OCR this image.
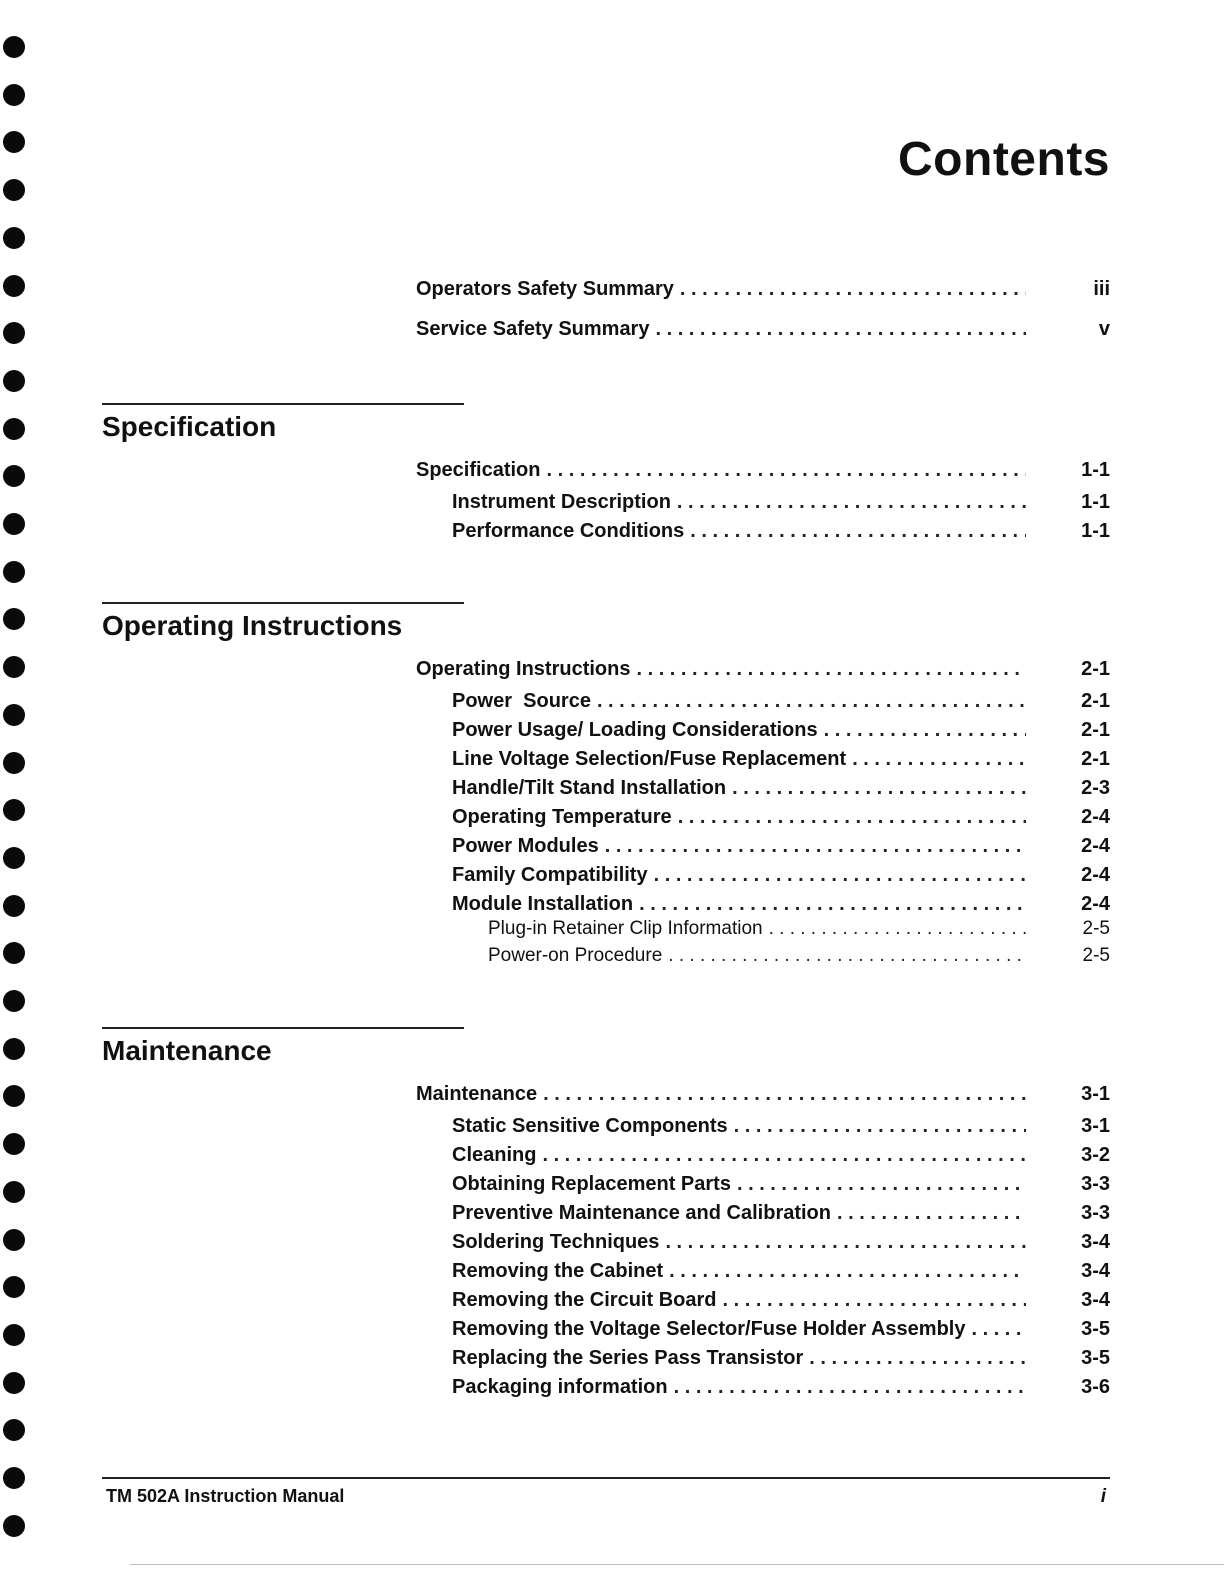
Contents
Operators Safety Summary . . .	iii
Service Safety Summary . . .	v
Specification
Specification . . .	1-1
Instrument Description . . .	1-1
Performance Conditions . . .	1-1
Operating Instructions
Operating Instructions . . .	2-1
Power  Source . . .	2-1
Power Usage/ Loading Considerations . . .	2-1
Line Voltage Selection/Fuse Replacement . . .	2-1
Handle/Tilt Stand Installation . . .	2-3
Operating Temperature . . .	2-4
Power Modules . . .	2-4
Family Compatibility . . .	2-4
Module Installation . . .	2-4
Plug-in Retainer Clip Information . . .	2-5
Power-on Procedure . . .	2-5
Maintenance
Maintenance . . .	3-1
Static Sensitive Components . . .	3-1
Cleaning . . .	3-2
Obtaining Replacement Parts . . .	3-3
Preventive Maintenance and Calibration . . .	3-3
Soldering Techniques . . .	3-4
Removing the Cabinet . . .	3-4
Removing the Circuit Board . . .	3-4
Removing the Voltage Selector/Fuse Holder Assembly . . .	3-5
Replacing the Series Pass Transistor . . .	3-5
Packaging information . . .	3-6
TM 502A Instruction Manual	i
